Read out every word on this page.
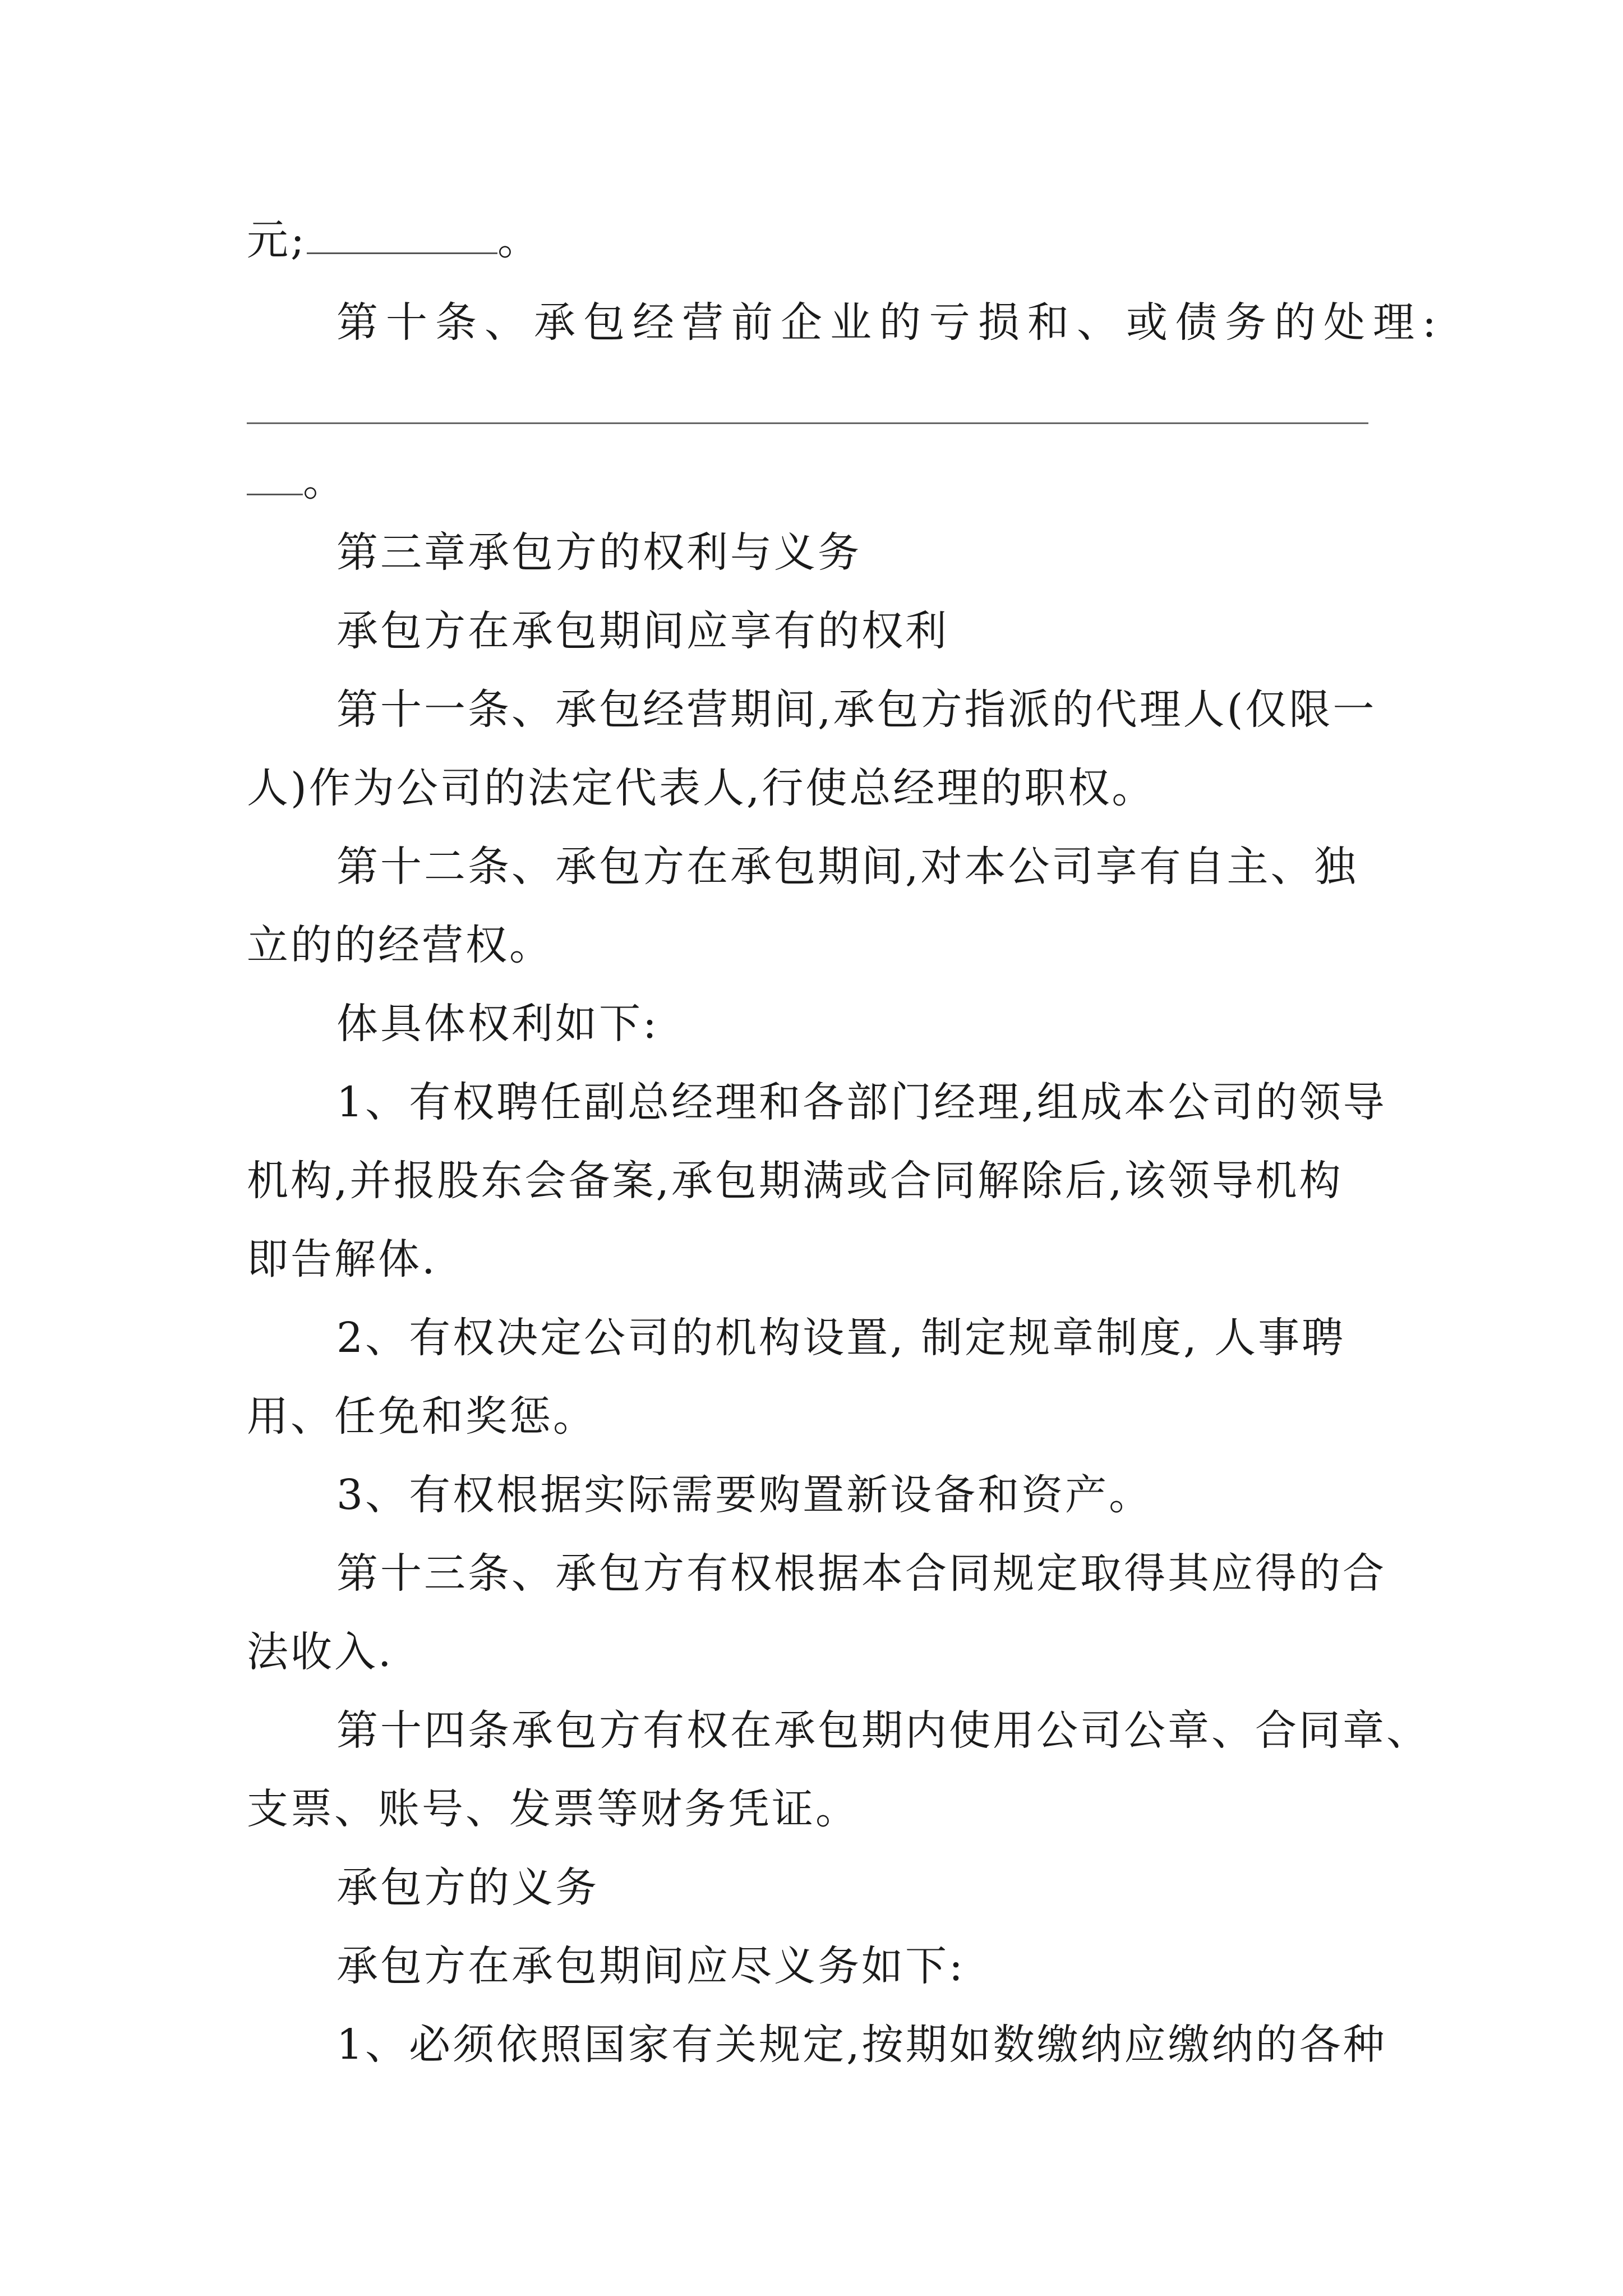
元;	。
第十条、承包经营前企业的亏损和、或债务的处理:
。
第三章承包方的权利与义务
承包方在承包期间应享有的权利
第十一条、承包经营期间,承包方指派的代理人(仅限一
人)作为公司的法定代表人,行使总经理的职权。
第十二条、承包方在承包期间,对本公司享有自主、独
立的的经营权。
体具体权利如下:
1、有权聘任副总经理和各部门经理,组成本公司的领导
机构,并报股东会备案,承包期满或合同解除后,该领导机构
即告解体.
2、有权决定公司的机构设置, 制定规章制度, 人事聘
用、任免和奖惩。
3、有权根据实际需要购置新设备和资产。
第十三条、承包方有权根据本合同规定取得其应得的合
法收入.
第十四条承包方有权在承包期内使用公司公章、合同章、
支票、账号、发票等财务凭证。
承包方的义务
承包方在承包期间应尽义务如下:
1、必须依照国家有关规定,按期如数缴纳应缴纳的各种
